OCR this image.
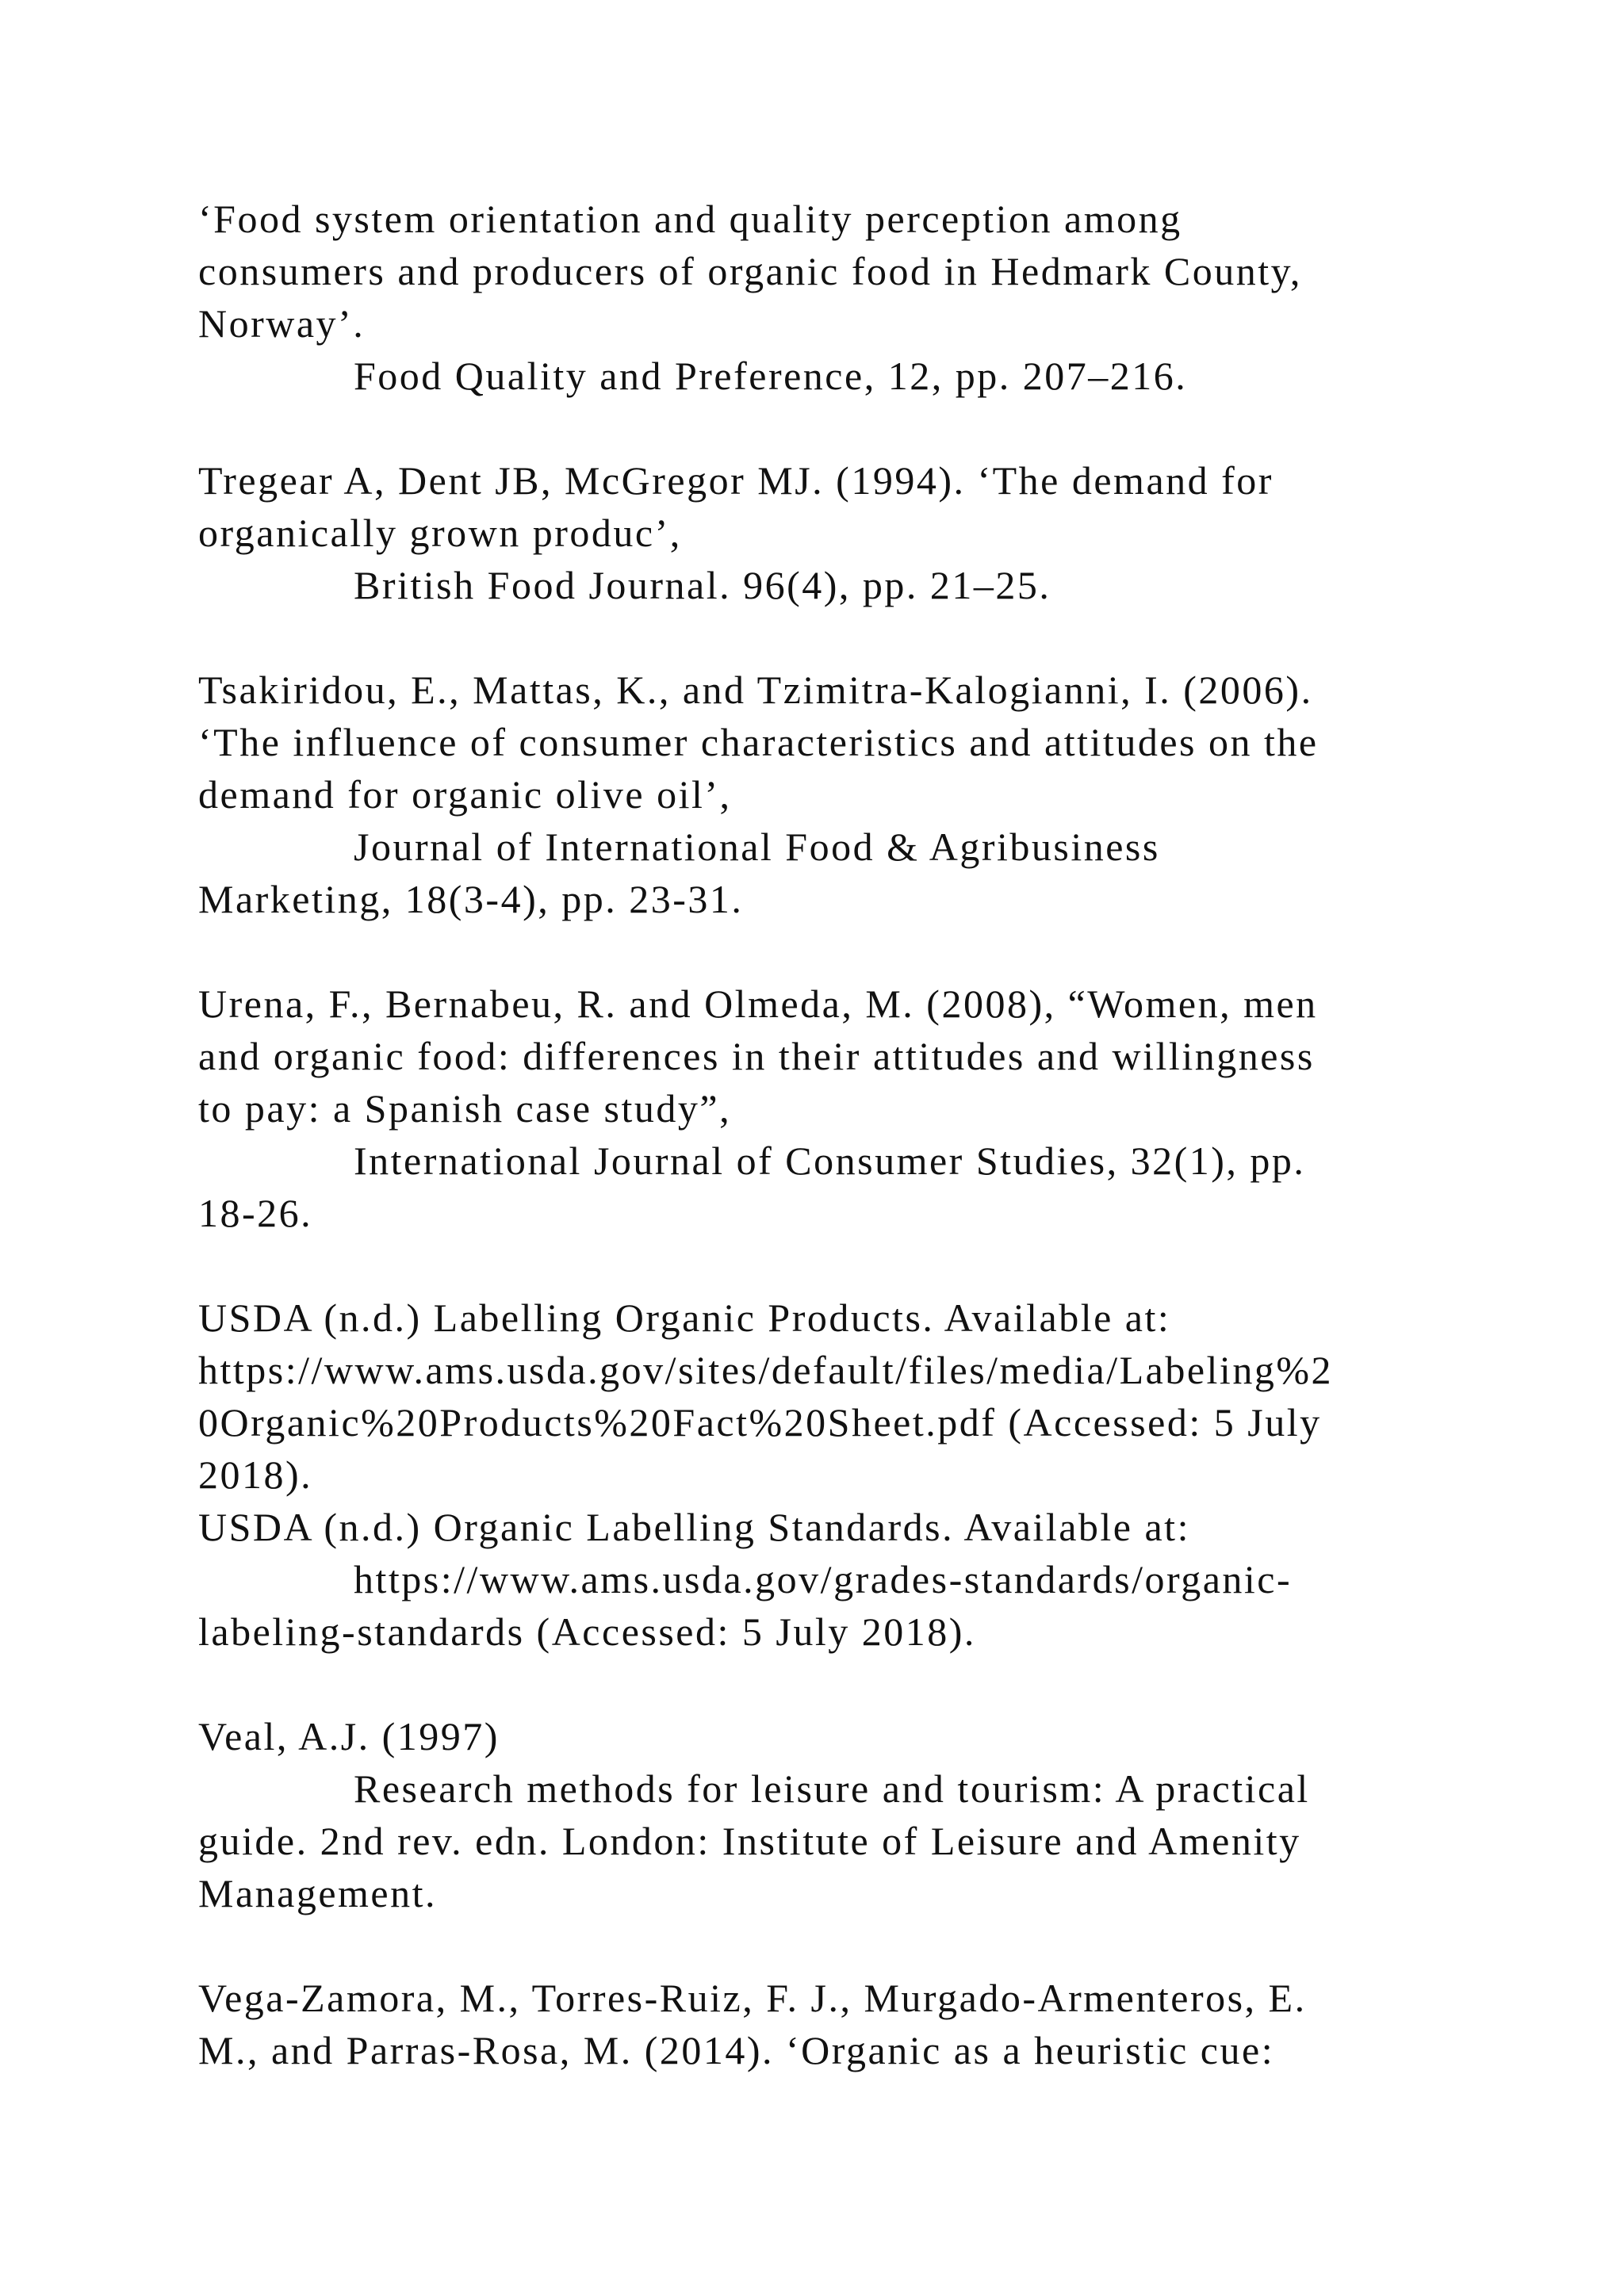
‘Food system orientation and quality perception among
consumers and producers of organic food in Hedmark County,
Norway’.
Food Quality and Preference, 12, pp. 207–216.
Tregear A, Dent JB, McGregor MJ. (1994). ‘The demand for
organically grown produc’,
British Food Journal. 96(4), pp. 21–25.
Tsakiridou, E., Mattas, K., and Tzimitra-Kalogianni, I. (2006).
‘The influence of consumer characteristics and attitudes on the
demand for organic olive oil’,
Journal of International Food & Agribusiness
Marketing, 18(3-4), pp. 23-31.
Urena, F., Bernabeu, R. and Olmeda, M. (2008), “Women, men
and organic food: differences in their attitudes and willingness
to pay: a Spanish case study”,
International Journal of Consumer Studies, 32(1), pp.
18-26.
USDA (n.d.) Labelling Organic Products. Available at:
https://www.ams.usda.gov/sites/default/files/media/Labeling%2
0Organic%20Products%20Fact%20Sheet.pdf (Accessed: 5 July
2018).
USDA (n.d.) Organic Labelling Standards. Available at:
https://www.ams.usda.gov/grades-standards/organic-
labeling-standards (Accessed: 5 July 2018).
Veal, A.J. (1997)
Research methods for leisure and tourism: A practical
guide. 2nd rev. edn. London: Institute of Leisure and Amenity
Management.
Vega-Zamora, M., Torres-Ruiz, F. J., Murgado-Armenteros, E.
M., and Parras-Rosa, M. (2014). ‘Organic as a heuristic cue:
